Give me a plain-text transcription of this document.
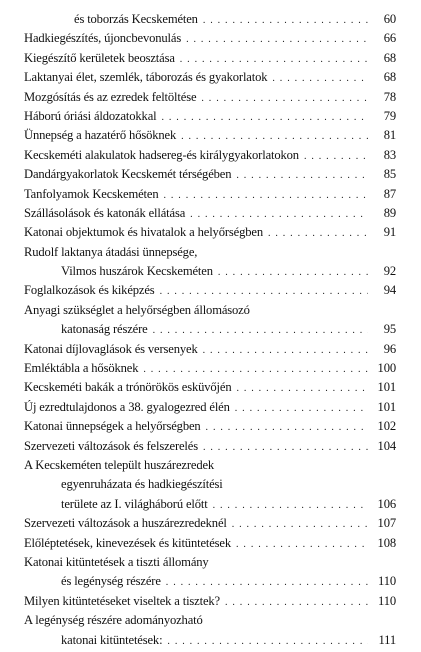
és toborzás Kecskeméten . . .	60
Hadkiegészítés, újoncbevonulás . . .	66
Kiegészítő kerületek beosztása . . .	68
Laktanyai élet, szemlék, táborozás és gyakorlatok . . .	68
Mozgósítás és az ezredek feltöltése . . .	78
Háború óriási áldozatokkal . . .	79
Ünnepség a hazatérő hősöknek . . .	81
Kecskeméti alakulatok hadsereg-és királygyakorlatokon . . .	83
Dandárgyakorlatok Kecskemét térségében . . .	85
Tanfolyamok Kecskeméten . . .	87
Szállásolások és katonák ellátása . . .	89
Katonai objektumok és hivatalok a helyőrségben . . .	91
Rudolf laktanya átadási ünnepsége,
Vilmos huszárok Kecskeméten . . .	92
Foglalkozások és kiképzés . . .	94
Anyagi szükséglet a helyőrségben állomásozó
katonaság részére . . .	95
Katonai díjlovaglások és versenyek . . .	96
Emléktábla a hősöknek . . .	100
Kecskeméti bakák a trónörökös esküvőjén . . .	101
Új ezredtulajdonos a 38. gyalogezred élén . . .	101
Katonai ünnepségek a helyőrségben . . .	102
Szervezeti változások és felszerelés . . .	104
A Kecskeméten települt huszárezredek
egyenruházata és hadkiegészítési
területe az I. világháború előtt . . .	106
Szervezeti változások a huszárezredeknél . . .	107
Előléptetések, kinevezések és kitüntetések . . .	108
Katonai kitüntetések a tiszti állomány
és legénység részére . . .	110
Milyen kitüntetéseket viseltek a tisztek? . . .	110
A legénység részére adományozható
katonai kitüntetések: . . .	111
